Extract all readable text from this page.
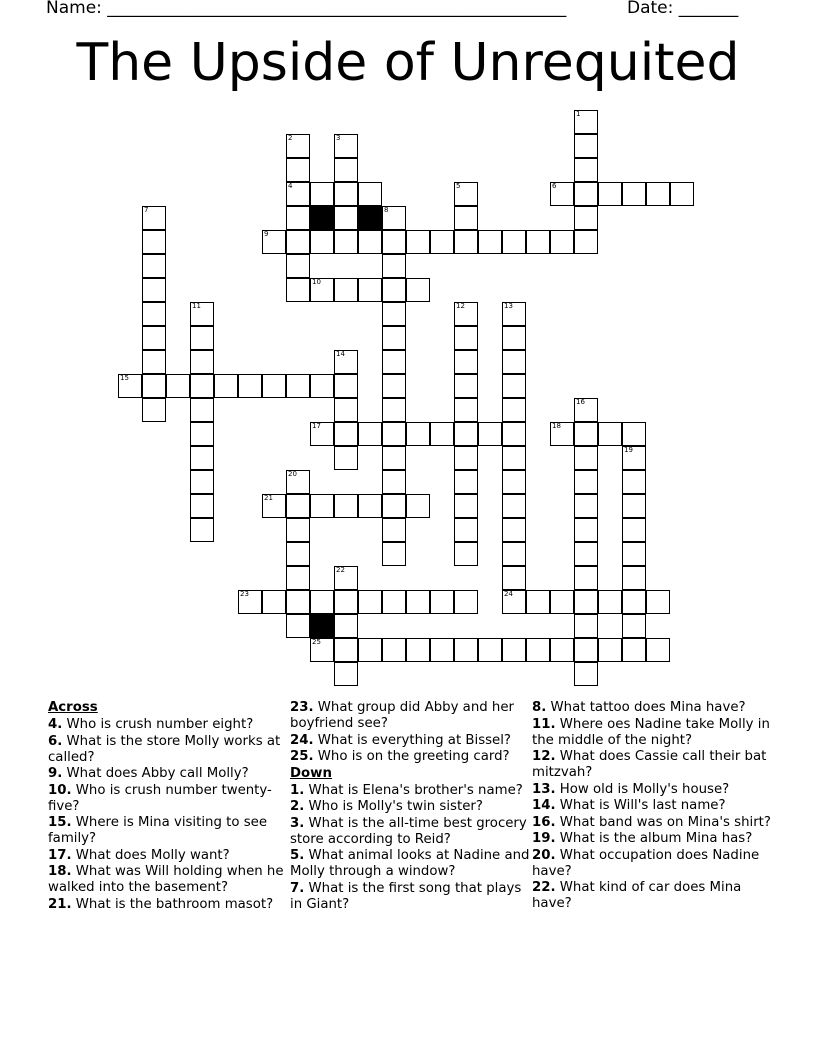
Name: ______________________________________________________	Date: _______
The Upside of Unrequited
4	6
9
10
15
17	18
21
23	24
25
1
2	3
5
7	8
11	12	13
14
16
19
20
22
Across
4. Who is crush number eight?
6. What is the store Molly works at called?
9. What does Abby call Molly?
10. Who is crush number twenty-five?
15. Where is Mina visiting to see family?
17. What does Molly want?
18. What was Will holding when he walked into the basement?
21. What is the bathroom masot?
23. What group did Abby and her boyfriend see?
24. What is everything at Bissel?
25. Who is on the greeting card?
Down
1. What is Elena's brother's name?
2. Who is Molly's twin sister?
3. What is the all-time best grocery store according to Reid?
5. What animal looks at Nadine and Molly through a window?
7. What is the first song that plays in Giant?
8. What tattoo does Mina have?
11. Where oes Nadine take Molly in the middle of the night?
12. What does Cassie call their bat mitzvah?
13. How old is Molly's house?
14. What is Will's last name?
16. What band was on Mina's shirt?
19. What is the album Mina has?
20. What occupation does Nadine have?
22. What kind of car does Mina have?
